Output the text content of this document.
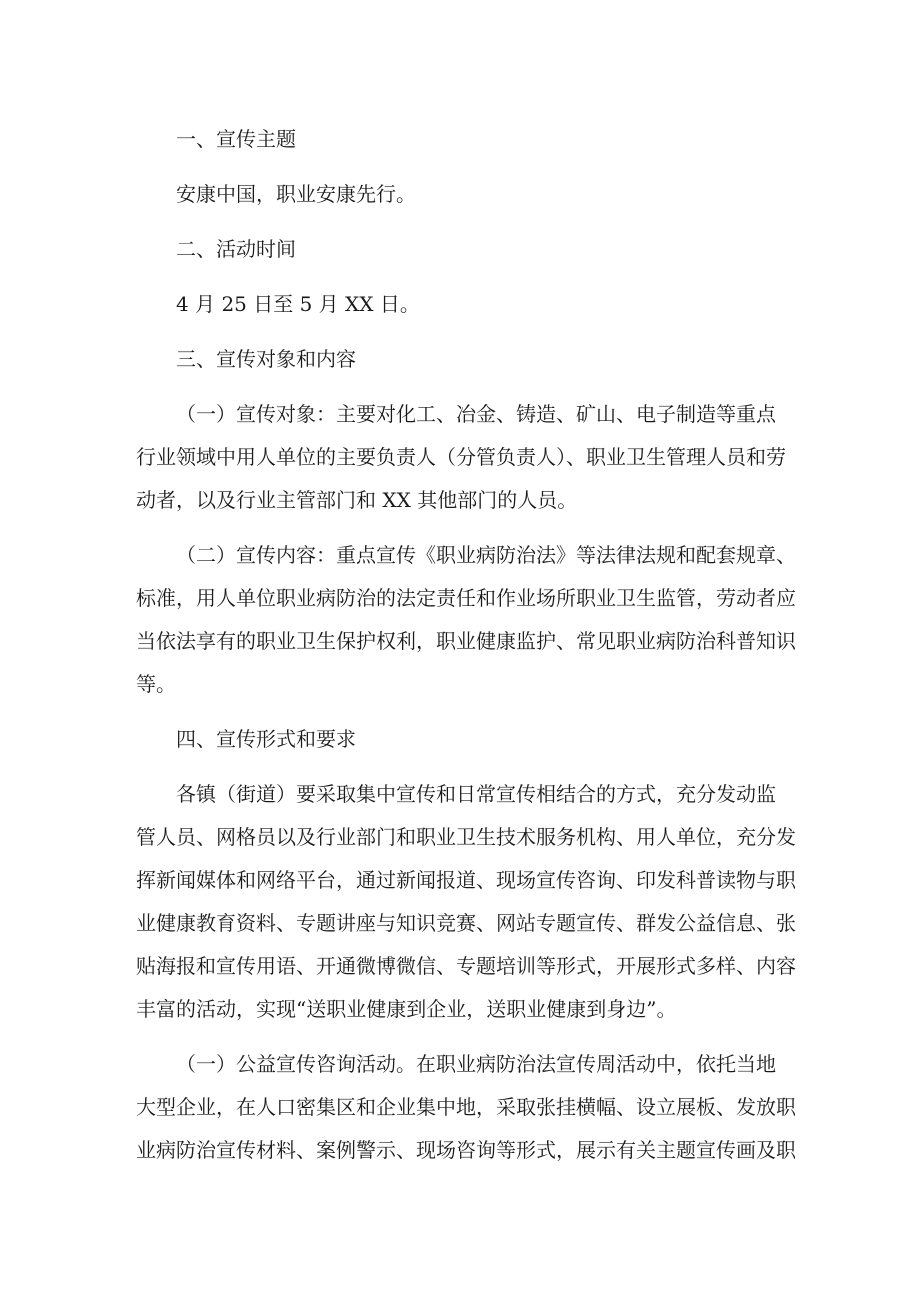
一、宣传主题
安康中国，职业安康先行。
二、活动时间
4 月 25 日至 5 月 XX 日。
三、宣传对象和内容
（一）宣传对象：主要对化工、冶金、铸造、矿山、电子制造等重点
行业领域中用人单位的主要负责人（分管负责人）、职业卫生管理人员和劳
动者，以及行业主管部门和 XX 其他部门的人员。
（二）宣传内容：重点宣传《职业病防治法》等法律法规和配套规章、
标准，用人单位职业病防治的法定责任和作业场所职业卫生监管，劳动者应
当依法享有的职业卫生保护权利，职业健康监护、常见职业病防治科普知识
等。
四、宣传形式和要求
各镇（街道）要采取集中宣传和日常宣传相结合的方式，充分发动监
管人员、网格员以及行业部门和职业卫生技术服务机构、用人单位，充分发
挥新闻媒体和网络平台，通过新闻报道、现场宣传咨询、印发科普读物与职
业健康教育资料、专题讲座与知识竞赛、网站专题宣传、群发公益信息、张
贴海报和宣传用语、开通微博微信、专题培训等形式，开展形式多样、内容
丰富的活动，实现“送职业健康到企业，送职业健康到身边”。
（一）公益宣传咨询活动。在职业病防治法宣传周活动中，依托当地
大型企业，在人口密集区和企业集中地，采取张挂横幅、设立展板、发放职
业病防治宣传材料、案例警示、现场咨询等形式，展示有关主题宣传画及职
